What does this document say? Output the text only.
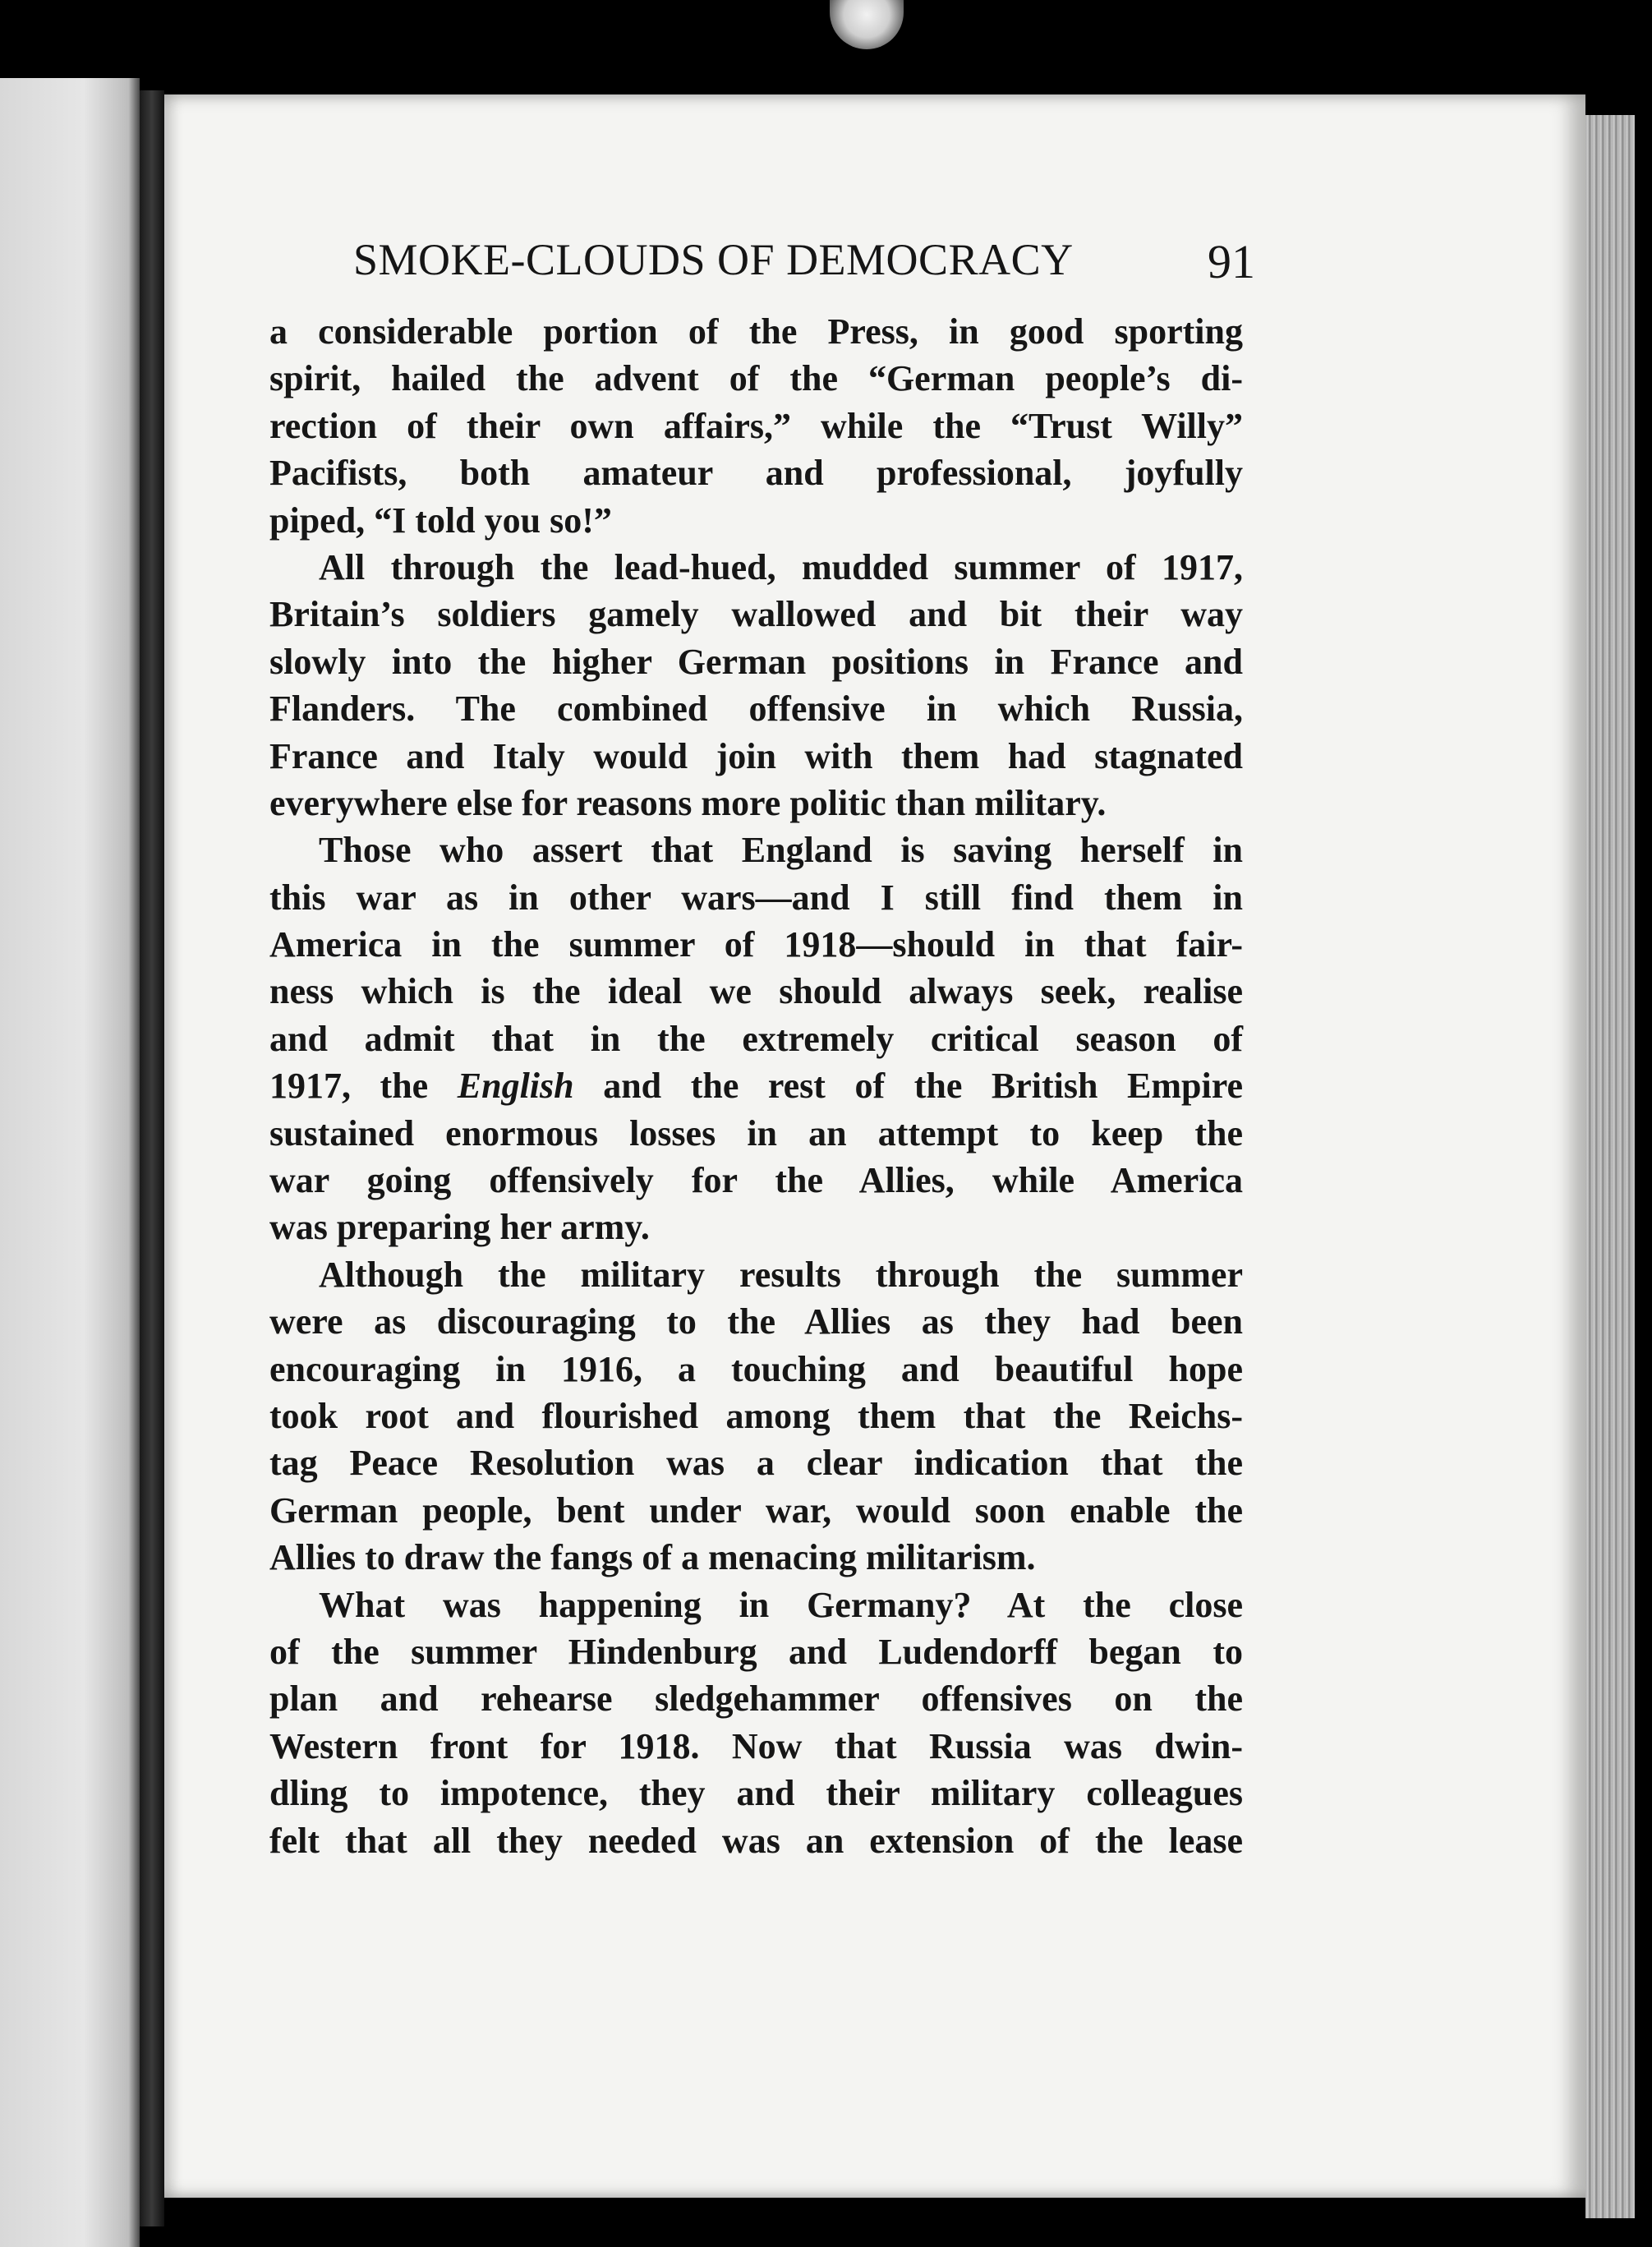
SMOKE-CLOUDS OF DEMOCRACY	91
a considerable portion of the Press, in good sporting
spirit, hailed the advent of the “German people’s di-
rection of their own affairs,” while the “Trust Willy”
Pacifists, both amateur and professional, joyfully
piped, “I told you so!”
All through the lead-hued, mudded summer of 1917,
Britain’s soldiers gamely wallowed and bit their way
slowly into the higher German positions in France and
Flanders. The combined offensive in which Russia,
France and Italy would join with them had stagnated
everywhere else for reasons more politic than military.
Those who assert that England is saving herself in
this war as in other wars—and I still find them in
America in the summer of 1918—should in that fair-
ness which is the ideal we should always seek, realise
and admit that in the extremely critical season of
1917, the English and the rest of the British Empire
sustained enormous losses in an attempt to keep the
war going offensively for the Allies, while America
was preparing her army.
Although the military results through the summer
were as discouraging to the Allies as they had been
encouraging in 1916, a touching and beautiful hope
took root and flourished among them that the Reichs-
tag Peace Resolution was a clear indication that the
German people, bent under war, would soon enable the
Allies to draw the fangs of a menacing militarism.
What was happening in Germany? At the close
of the summer Hindenburg and Ludendorff began to
plan and rehearse sledgehammer offensives on the
Western front for 1918. Now that Russia was dwin-
dling to impotence, they and their military colleagues
felt that all they needed was an extension of the lease
